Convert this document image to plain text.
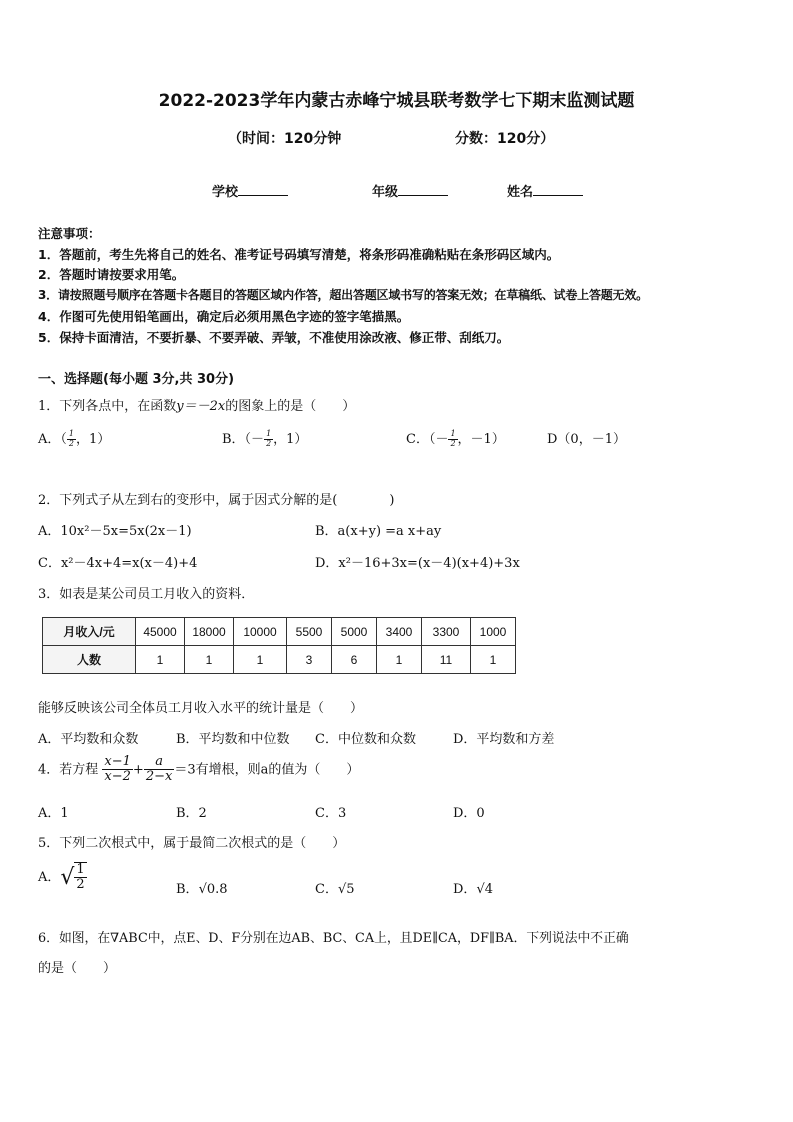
2022-2023学年内蒙古赤峰宁城县联考数学七下期末监测试题
（时间：120分钟	分数：120分）
学校	年级	姓名
注意事项：
1．答题前，考生先将自己的姓名、准考证号码填写清楚，将条形码准确粘贴在条形码区域内。
2．答题时请按要求用笔。
3．请按照题号顺序在答题卡各题目的答题区域内作答，超出答题区域书写的答案无效；在草稿纸、试卷上答题无效。
4．作图可先使用铅笔画出，确定后必须用黑色字迹的签字笔描黑。
5．保持卡面清洁，不要折暴、不要弄破、弄皱，不准使用涂改液、修正带、刮纸刀。
一、选择题(每小题 3分,共 30分)
1．下列各点中，在函数y＝－2x的图象上的是（　　）
A．（ $\frac{1}{2}$ ，1）	B．（－ $\frac{1}{2}$ ，1）	C．（－ $\frac{1}{2}$ ，－1）	D（0，－1）
2．下列式子从左到右的变形中，属于因式分解的是(　　　　)
A．10x²－5x=5x(2x－1)	B．a(x+y) =a x+ay
C．x²－4x+4=x(x－4)+4	D．x²－16+3x=(x－4)(x+4)+3x
3．如表是某公司员工月收入的资料．
月收入/元	45000	18000	10000	5500	5000	3400	3300	1000
人数	1	1	1	3	6	1	11	1
能够反映该公司全体员工月收入水平的统计量是（　　）
A．平均数和众数	B．平均数和中位数 C．中位数和众数	D．平均数和方差
4．若方程 $\frac{x-1}{x-2} + \frac{a}{2-x} =3$有增根，则a的值为（　　）
A．1	B．2	C．3	D．0
5．下列二次根式中，属于最简二次根式的是（　　）
A．√ $\frac{1}{2}$	B．√0.8	C．√5	D．√4
6．如图，在∇ABC中，点E、D、F分别在边AB、BC、CA上，且DE∥CA，DF∥BA．下列说法中不正确
的是（　　）
